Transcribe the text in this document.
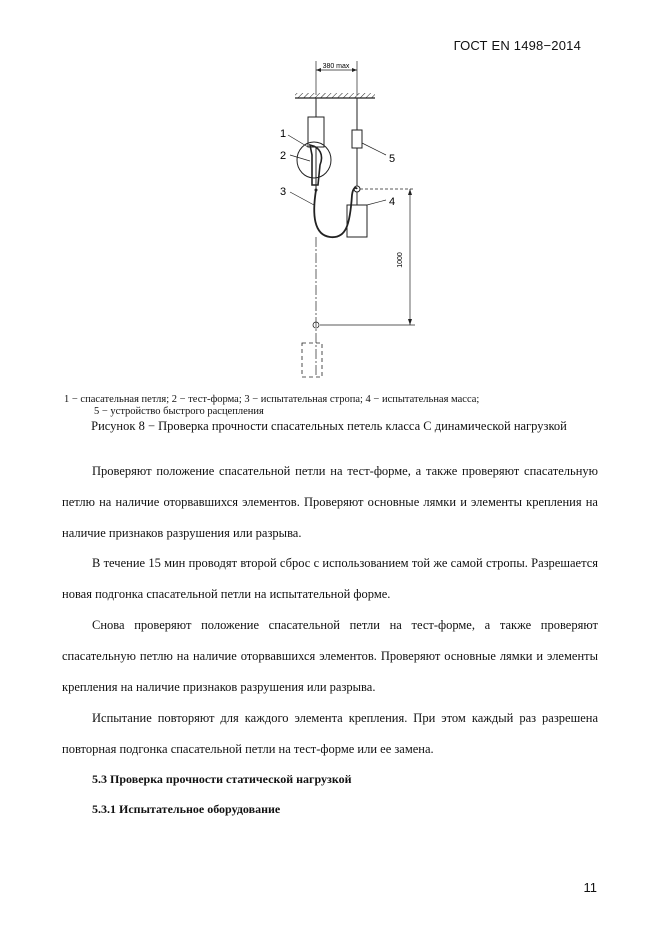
ГОСТ EN 1498−2014
380 max
1000
1
2
3
4
5
1 − спасательная петля; 2 − тест-форма; 3 − испытательная стропа; 4 − испытательная масса;
5 − устройство быстрого расцепления
Рисунок 8 − Проверка прочности спасательных петель класса С динамической нагрузкой
Проверяют положение спасательной петли на тест-форме, а также проверяют спасательную петлю на наличие оторвавшихся элементов. Проверяют основные лямки и элементы крепления на наличие признаков разрушения или разрыва.
В течение 15 мин проводят второй сброс с использованием той же самой стропы. Разрешается новая подгонка спасательной петли на испытательной форме.
Снова проверяют положение спасательной петли на тест-форме, а также проверяют спасательную петлю на наличие оторвавшихся элементов. Проверяют основные лямки и элементы крепления на наличие признаков разрушения или разрыва.
Испытание повторяют для каждого элемента крепления. При этом каждый раз разрешена повторная подгонка спасательной петли на тест-форме или ее замена.
5.3 Проверка прочности статической нагрузкой
5.3.1 Испытательное оборудование
11
